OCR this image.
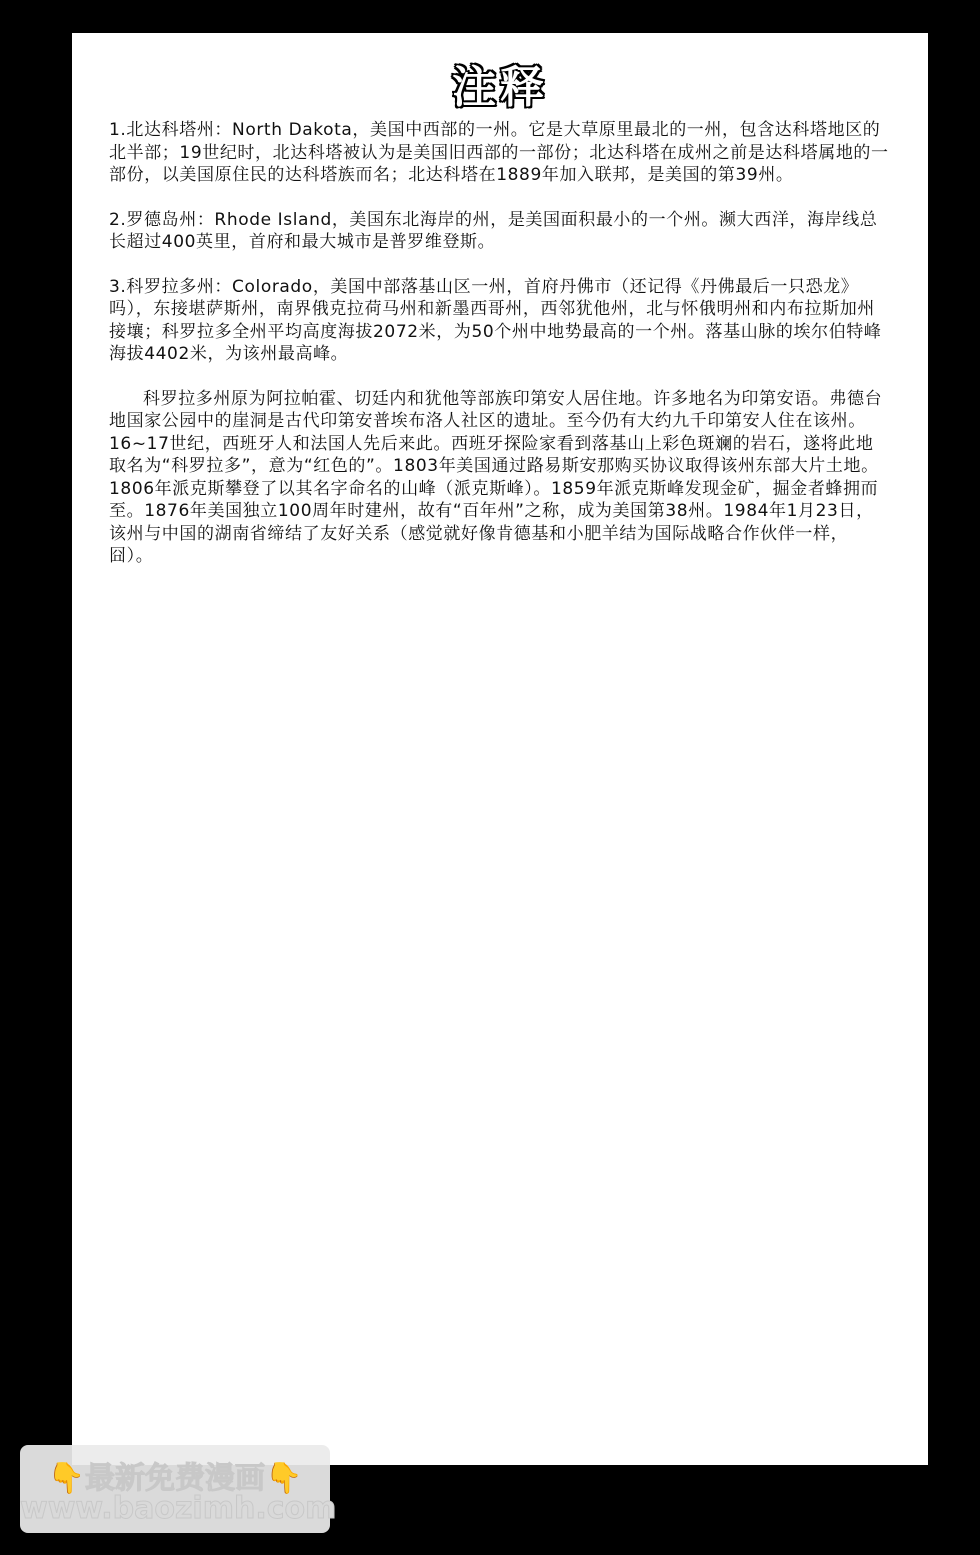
注释

1.北达科塔州：North Dakota，美国中西部的一州。它是大草原里最北的一州，包含达科塔地区的北半部；19世纪时，北达科塔被认为是美国旧西部的一部份；北达科塔在成州之前是达科塔属地的一部份，以美国原住民的达科塔族而名；北达科塔在1889年加入联邦，是美国的第39州。

2.罗德岛州：Rhode Island，美国东北海岸的州，是美国面积最小的一个州。濒大西洋，海岸线总长超过400英里，首府和最大城市是普罗维登斯。

3.科罗拉多州：Colorado，美国中部落基山区一州，首府丹佛市（还记得《丹佛最后一只恐龙》吗），东接堪萨斯州，南界俄克拉荷马州和新墨西哥州，西邻犹他州，北与怀俄明州和内布拉斯加州接壤；科罗拉多全州平均高度海拔2072米，为50个州中地势最高的一个州。落基山脉的埃尔伯特峰海拔4402米，为该州最高峰。

科罗拉多州原为阿拉帕霍、切廷内和犹他等部族印第安人居住地。许多地名为印第安语。弗德台地国家公园中的崖洞是古代印第安普埃布洛人社区的遗址。至今仍有大约九千印第安人住在该州。16~17世纪，西班牙人和法国人先后来此。西班牙探险家看到落基山上彩色斑斓的岩石，遂将此地取名为“科罗拉多”，意为“红色的”。1803年美国通过路易斯安那购买协议取得该州东部大片土地。1806年派克斯攀登了以其名字命名的山峰（派克斯峰）。1859年派克斯峰发现金矿，掘金者蜂拥而至。1876年美国独立100周年时建州，故有“百年州”之称，成为美国第38州。1984年1月23日，该州与中国的湖南省缔结了友好关系（感觉就好像肯德基和小肥羊结为国际战略合作伙伴一样，囧）。

👇最新免费漫画👇
www.baozimh.com
